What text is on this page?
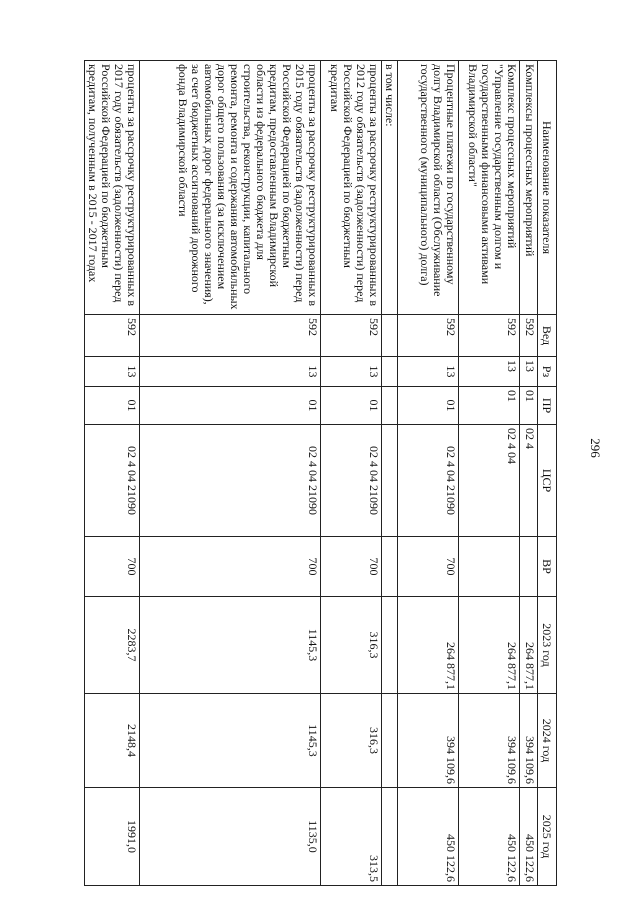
296
Наименование показателя	Вед	Рз	ПР	ЦСР	ВР	2023 год	2024 год	2025 год
Комплексы процессных мероприятий	592	13	01	02 4		264 877,1	394 109,6	450 122,6
Комплекс процессных мероприятий "Управление государственным долгом и государственными финансовыми активами Владимирской области"	592	13	01	02 4 04		264 877,1	394 109,6	450 122,6
Процентные платежи по государственному долгу Владимирской области (Обслуживание государственного (муниципального) долга)	592	13	01	02 4 04 21090	700	264 877,1	394 109,6	450 122,6
в том числе:								
проценты за рассрочку реструктурированных в 2012 году обязательств (задолженности) перед Российской Федерацией по бюджетным кредитам	592	13	01	02 4 04 21090	700	316,3	316,3	313,5
проценты за рассрочку реструктурированных в 2015 году обязательств (задолженности) перед Российской Федерацией по бюджетным кредитам, предоставленным Владимирской области из федерального бюджета для строительства, реконструкции, капитального ремонта, ремонта и содержания автомобильных дорог общего пользования (за исключением автомобильных дорог федерального значения), за счет бюджетных ассигнований дорожного фонда Владимирской области	592	13	01	02 4 04 21090	700	1145,3	1145,3	1135,0
проценты за рассрочку реструктурированных в 2017 году обязательств (задолженности) перед Российской Федерацией по бюджетным кредитам, полученным в 2015 - 2017 годах	592	13	01	02 4 04 21090	700	2283,7	2148,4	1991,0
